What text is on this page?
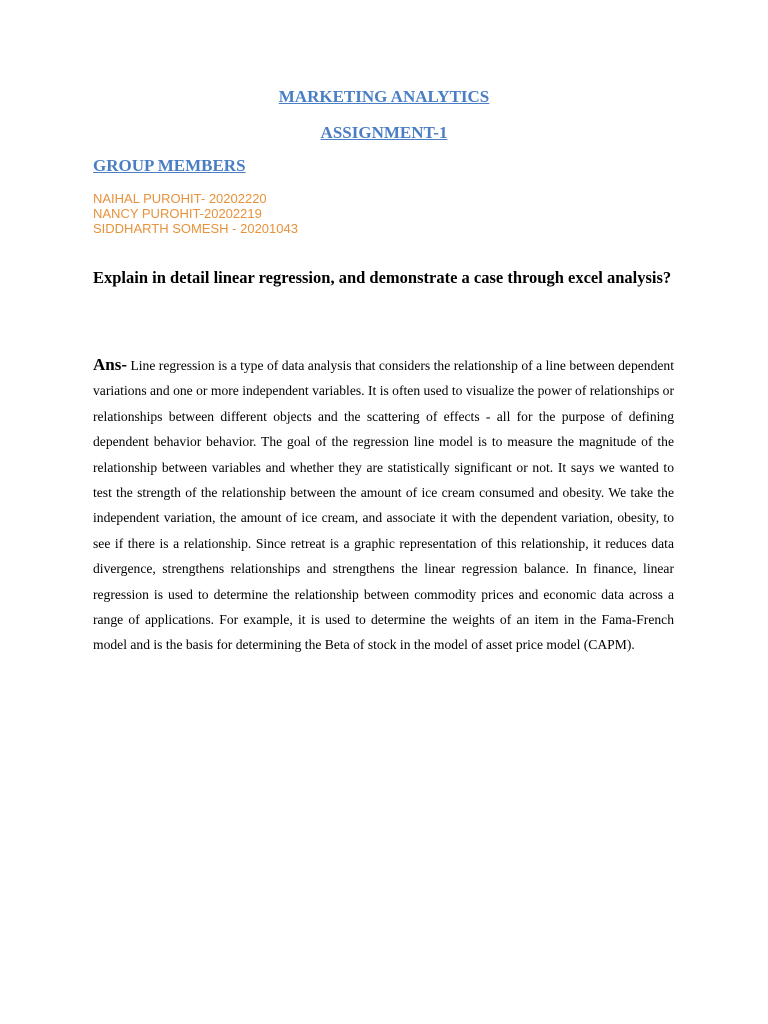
MARKETING ANALYTICS
ASSIGNMENT-1
GROUP MEMBERS
NAIHAL PUROHIT- 20202220
NANCY PUROHIT-20202219
SIDDHARTH SOMESH - 20201043

Explain in detail linear regression, and demonstrate a case through excel analysis?

Ans- Line regression is a type of data analysis that considers the relationship of a line between dependent variations and one or more independent variables. It is often used to visualize the power of relationships or relationships between different objects and the scattering of effects - all for the purpose of defining dependent behavior behavior. The goal of the regression line model is to measure the magnitude of the relationship between variables and whether they are statistically significant or not. It says we wanted to test the strength of the relationship between the amount of ice cream consumed and obesity. We take the independent variation, the amount of ice cream, and associate it with the dependent variation, obesity, to see if there is a relationship. Since retreat is a graphic representation of this relationship, it reduces data divergence, strengthens relationships and strengthens the linear regression balance. In finance, linear regression is used to determine the relationship between commodity prices and economic data across a range of applications. For example, it is used to determine the weights of an item in the Fama-French model and is the basis for determining the Beta of stock in the model of asset price model (CAPM).
